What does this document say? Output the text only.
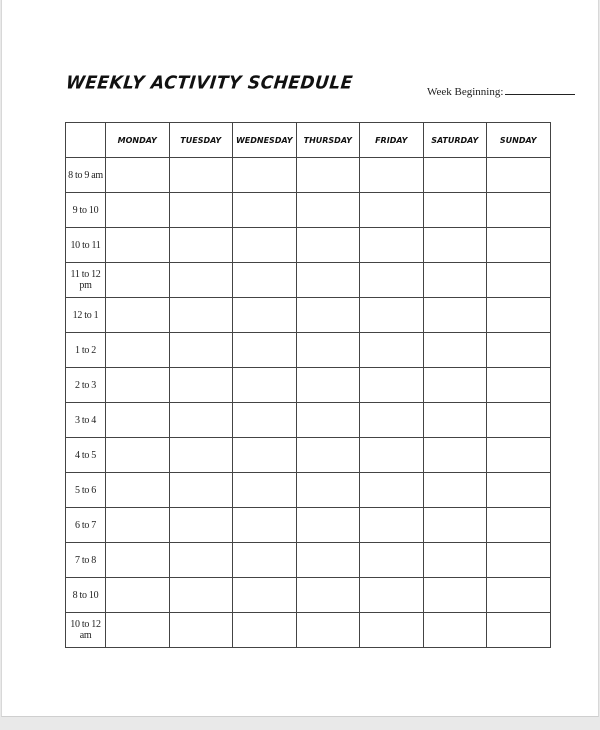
WEEKLY ACTIVITY SCHEDULE	Week Beginning:
	MONDAY	TUESDAY	WEDNESDAY	THURSDAY	FRIDAY	SATURDAY	SUNDAY
8 to 9 am							
9 to 10							
10 to 11							
11 to 12 pm							
12 to 1							
1 to 2							
2 to 3							
3 to 4							
4 to 5							
5 to 6							
6 to 7							
7 to 8							
8 to 10							
10 to 12 am							
